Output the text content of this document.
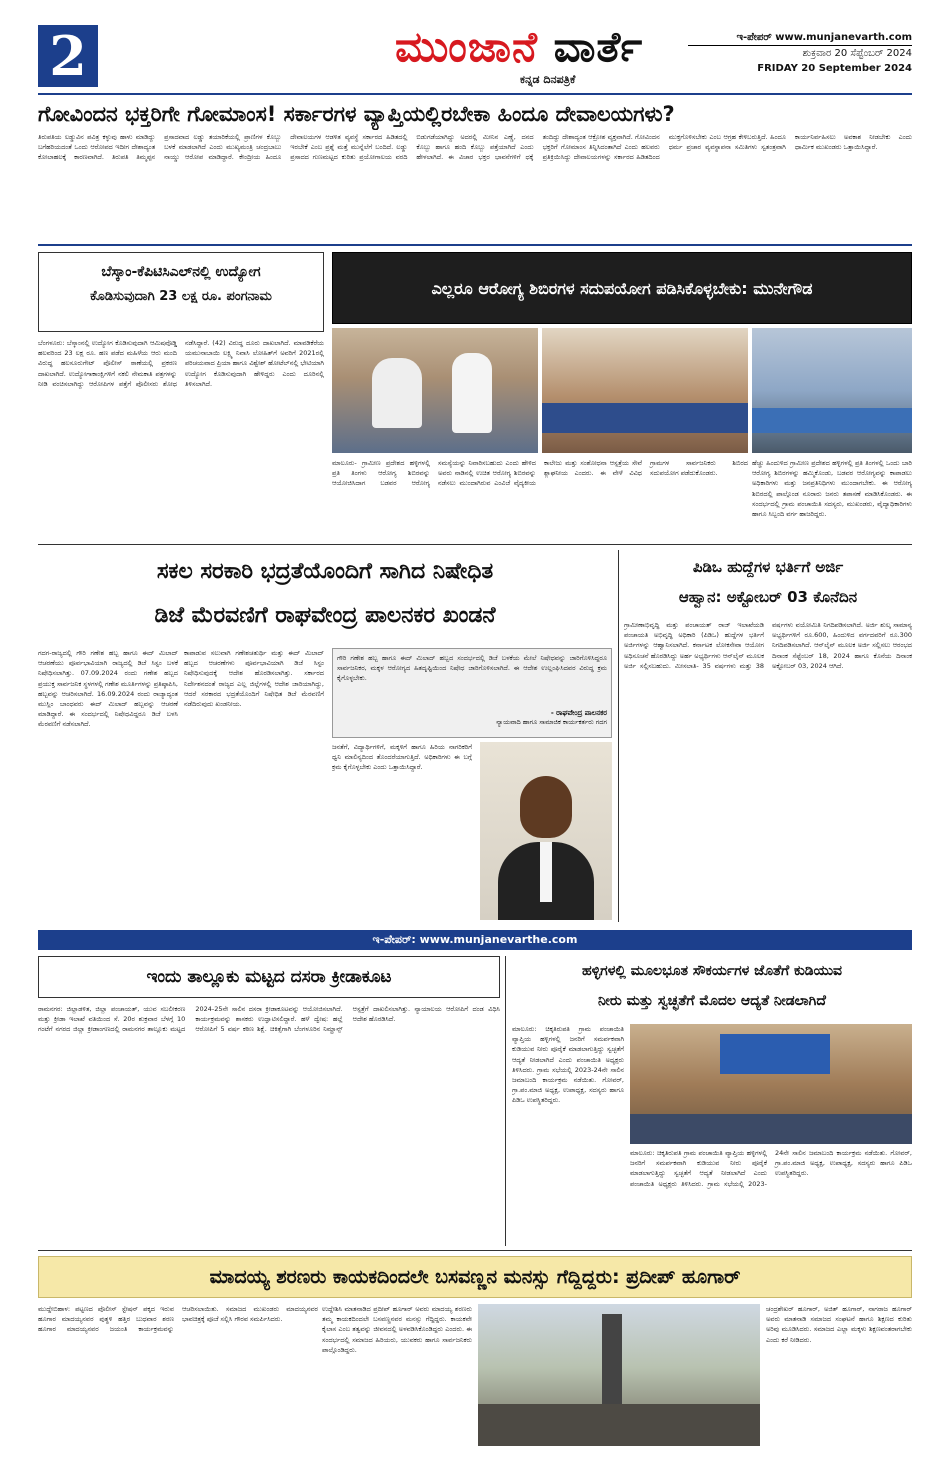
2	ಮುಂಜಾನೆ ವಾರ್ತೆ
ಕನ್ನಡ ದಿನಪತ್ರಿಕೆ
ಇ-ಪೇಪರ್ www.munjanevarth.com
ಶುಕ್ರವಾರ 20 ಸೆಪ್ಟೆಂಬರ್ 2024
FRIDAY 20 September 2024
ಗೋವಿಂದನ ಭಕ್ತರಿಗೇ ಗೋಮಾಂಸ! ಸರ್ಕಾರಗಳ ವ್ಯಾಪ್ತಿಯಲ್ಲಿರಬೇಕಾ ಹಿಂದೂ ದೇವಾಲಯಗಳು?
ತಿರುಪತಿಯ ಲಡ್ಡುವಿನ ಪವಿತ್ರ ಕಳ್ಳುವು ಹಾಳು ಮಾಡಿದ್ದು ಬಗೆಹರಿಯದಂತೆ ಒಂದು ಆರೋಪದ ಇದೀಗ ದೇಶಾದ್ಯಂತ ಕೋಲಾಹಲಕ್ಕೆ ಕಾರಣವಾಗಿದೆ. ತಿರುಪತಿ ತಿಮ್ಮಪ್ಪನ ಪ್ರಸಾದವಾದ ಲಡ್ಡು ತಯಾರಿಕೆಯಲ್ಲಿ ಪ್ರಾಣಿಗಳ ಕೊಬ್ಬು ಬಳಕೆ ಮಾಡಲಾಗಿದೆ ಎಂದು ಮುಖ್ಯಮಂತ್ರಿ ಚಂದ್ರಬಾಬು ನಾಯ್ಡು ಆರೋಪ ಮಾಡಿದ್ದಾರೆ. ಕೇಂದ್ರೀಯ ಹಿಂದೂ ದೇವಾಲಯಗಳ ಆಡಳಿತ ವ್ಯವಸ್ಥೆ ಸರ್ಕಾರದ ಹಿಡಿತದಲ್ಲಿ ಇರಬೇಕೆ ಎಂಬ ಪ್ರಶ್ನೆ ಮತ್ತೆ ಮುನ್ನೆಲೆಗೆ ಬಂದಿದೆ. ಲಡ್ಡು ಪ್ರಸಾದದ ಗುಣಮಟ್ಟದ ಕುರಿತು ಪ್ರಯೋಗಾಲಯ ವರದಿ ಬಿಡುಗಡೆಯಾಗಿದ್ದು ಅದರಲ್ಲಿ ಮೀನಿನ ಎಣ್ಣೆ, ದನದ ಕೊಬ್ಬು ಹಾಗೂ ಹಂದಿ ಕೊಬ್ಬು ಪತ್ತೆಯಾಗಿದೆ ಎಂದು ಹೇಳಲಾಗಿದೆ. ಈ ವಿಚಾರ ಭಕ್ತರ ಭಾವನೆಗಳಿಗೆ ಧಕ್ಕೆ ತಂದಿದ್ದು ದೇಶಾದ್ಯಂತ ಆಕ್ರೋಶ ವ್ಯಕ್ತವಾಗಿದೆ. ಗೋವಿಂದನ ಭಕ್ತರಿಗೆ ಗೋಮಾಂಸ ತಿನ್ನಿಸಿದಂತಾಗಿದೆ ಎಂದು ಹಲವರು ಪ್ರತಿಕ್ರಿಯಿಸಿದ್ದು ದೇವಾಲಯಗಳನ್ನು ಸರ್ಕಾರದ ಹಿಡಿತದಿಂದ ಮುಕ್ತಗೊಳಿಸಬೇಕು ಎಂಬ ಆಗ್ರಹ ಕೇಳಿಬರುತ್ತಿದೆ. ಹಿಂದೂ ಧರ್ಮ ಪ್ರಚಾರ ವ್ಯವಸ್ಥಾಪನಾ ಸಮಿತಿಗಳು ಸ್ವತಂತ್ರವಾಗಿ ಕಾರ್ಯನಿರ್ವಹಿಸಲು ಅವಕಾಶ ನೀಡಬೇಕು ಎಂದು ಧಾರ್ಮಿಕ ಮುಖಂಡರು ಒತ್ತಾಯಿಸಿದ್ದಾರೆ.
ಬೆಸ್ಕಾಂ-ಕೆಪಿಟಿಸಿಎಲ್‌ನಲ್ಲಿ ಉದ್ಯೋಗ
ಕೊಡಿಸುವುದಾಗಿ 23 ಲಕ್ಷ ರೂ. ಪಂಗನಾಮ
ಬೆಂಗಳೂರು: ಬೆಸ್ಕಾಂನಲ್ಲಿ ಉದ್ಯೋಗ ಕೊಡಿಸುವುದಾಗಿ ಆಮಿಷವೊಡ್ಡಿ ಹಲವರಿಂದ 23 ಲಕ್ಷ ರೂ. ಹಣ ಪಡೆದ ಮಹಿಳೆಯ ಆರು ಮಂದಿ ವಿರುದ್ಧ ಹಲಸೂರುಗೇಟ್ ಪೊಲೀಸ್ ಠಾಣೆಯಲ್ಲಿ ಪ್ರಕರಣ ದಾಖಲಾಗಿದೆ. ಉದ್ಯೋಗಾಕಾಂಕ್ಷಿಗಳಿಗೆ ನಕಲಿ ನೇಮಕಾತಿ ಪತ್ರಗಳನ್ನು ನೀಡಿ ವಂಚಿಸಲಾಗಿದ್ದು ಆರೋಪಿಗಳ ಪತ್ತೆಗೆ ಪೊಲೀಸರು ಶೋಧ ನಡೆಸಿದ್ದಾರೆ. (42) ವಿರುದ್ಧ ದೂರು ದಾಖಲಾಗಿದೆ. ಮಾವಡಿಕೆರೆಯ ಯಮುನಾಬಾಯಿ ಲಕ್ಷ್ಮಿ ನಿವಾಸಿ ಲೋಹಿತ್‌ಗೆ ಅವರಿಗೆ 2021ರಲ್ಲಿ ಪರಿಚಯವಾದ ಪ್ರಿಯಾ ಹಾಗೂ ವಿಶ್ವೇಶ್ ಹೋಟೆಲ್‌ನಲ್ಲಿ ಭೇಟಿಯಾಗಿ ಉದ್ಯೋಗ ಕೊಡಿಸುವುದಾಗಿ ಹೇಳಿದ್ದರು ಎಂದು ದೂರಿನಲ್ಲಿ ತಿಳಿಸಲಾಗಿದೆ.
ಎಲ್ಲರೂ ಆರೋಗ್ಯ ಶಿಬಿರಗಳ ಸದುಪಯೋಗ ಪಡಿಸಿಕೊಳ್ಳಬೇಕು: ಮುನೇಗೌಡ
ಮಾಲೂರು- ಗ್ರಾಮೀಣ ಪ್ರದೇಶದ ಹಳ್ಳಿಗಳಲ್ಲಿ ಪ್ರತಿ ತಿಂಗಳು ಆರೋಗ್ಯ ಶಿಬಿರವನ್ನು ಆಯೋಜಿಸಿದಾಗ ಬಡವರ ಆರೋಗ್ಯ ಸಮಸ್ಯೆಯನ್ನು ನಿವಾರಿಸಬಹುದು ಎಂದು ಹೇಳಿದ ಅವರು ನಾಡಿನಲ್ಲಿ ಉಚಿತ ಆರೋಗ್ಯ ಶಿಬಿರವನ್ನು ನಡೆಸಲು ಮುಂದಾಗಿರುವ ಎಂವಿಜೆ ವೈದ್ಯಕೀಯ ಕಾಲೇಜು ಮತ್ತು ಸಂಶೋಧನಾ ಆಸ್ಪತ್ರೆಯ ಸೇವೆ ಶ್ಲಾಘನೀಯ ಎಂದರು. ಈ ವೇಳೆ ವಿವಿಧ ಗ್ರಾಮಗಳ ಸಾರ್ವಜನಿಕರು ಶಿಬಿರದ ಸದುಪಯೋಗ ಪಡೆದುಕೊಂಡರು.
ಹೆಚ್ಚು ಹಿಂದುಳಿದ ಗ್ರಾಮೀಣ ಪ್ರದೇಶದ ಹಳ್ಳಿಗಳಲ್ಲಿ ಪ್ರತಿ ತಿಂಗಳಲ್ಲಿ ಒಂದು ಬಾರಿ ಆರೋಗ್ಯ ಶಿಬಿರಗಳನ್ನು ಹಮ್ಮಿಕೊಂಡು, ಬಡವರ ಆರೋಗ್ಯವನ್ನು ಕಾಪಾಡಲು ಅಧಿಕಾರಿಗಳು ಮತ್ತು ಜನಪ್ರತಿನಿಧಿಗಳು ಮುಂದಾಗಬೇಕು. ಈ ಆರೋಗ್ಯ ಶಿಬಿರದಲ್ಲಿ ಪಾಲ್ಗೊಂಡ ನೂರಾರು ಜನರು ತಪಾಸಣೆ ಮಾಡಿಸಿಕೊಂಡರು. ಈ ಸಂದರ್ಭದಲ್ಲಿ ಗ್ರಾಮ ಪಂಚಾಯಿತಿ ಸದಸ್ಯರು, ಮುಖಂಡರು, ವೈದ್ಯಾಧಿಕಾರಿಗಳು ಹಾಗೂ ಸಿಬ್ಬಂದಿ ವರ್ಗ ಹಾಜರಿದ್ದರು.
ಸಕಲ ಸರಕಾರಿ ಭದ್ರತೆಯೊಂದಿಗೆ ಸಾಗಿದ ನಿಷೇಧಿತ
ಡಿಜೆ ಮೆರವಣಿಗೆ ರಾಘವೇಂದ್ರ ಪಾಲನಕರ ಖಂಡನೆ
ಗದಗ-ರಾಜ್ಯದಲ್ಲಿ ಗೌರಿ ಗಣೇಶ ಹಬ್ಬ ಹಾಗೂ ಈದ್ ಮಿಲಾದ್ ಆಚರಣೆಯು ಪೂರ್ವಭಾವಿಯಾಗಿ ರಾಜ್ಯದಲ್ಲಿ ಡಿಜೆ ಸಿಸ್ಟಂ ಬಳಕೆ ನಿಷೇಧಿಸಲಾಗಿತ್ತು. 07.09.2024 ರಂದು ಗಣೇಶ ಹಬ್ಬದ ಪ್ರಯುಕ್ತ ಸಾರ್ವಜನಿಕ ಸ್ಥಳಗಳಲ್ಲಿ ಗಣೇಶ ಮೂರ್ತಿಗಳನ್ನು ಪ್ರತಿಷ್ಠಾಪಿಸಿ, ಹಬ್ಬವನ್ನು ಆಚರಿಸಲಾಗಿದೆ. 16.09.2024 ರಂದು ರಾಜ್ಯಾದ್ಯಂತ ಮುಸ್ಲಿಂ ಬಾಂಧವರು ಈದ್ ಮಿಲಾದ್ ಹಬ್ಬವನ್ನು ಆಚರಣೆ ಮಾಡಿದ್ದಾರೆ. ಈ ಸಂದರ್ಭದಲ್ಲಿ ನಿಷೇಧವಿದ್ದರೂ ಡಿಜೆ ಬಳಸಿ ಮೆರವಣಿಗೆ ನಡೆಸಲಾಗಿದೆ.
ಕಾಪಾಡುವ ಸಲುವಾಗಿ ಗಣೇಶಚತುರ್ಥಿ ಮತ್ತು ಈದ್ ಮಿಲಾದ್ ಹಬ್ಬದ ಆಚರಣೆಗಳು ಪೂರ್ವಭಾವಿಯಾಗಿ ಡಿಜೆ ಸಿಸ್ಟಂ ನಿಷೇಧಿಸುವುದಕ್ಕೆ ಆದೇಶ ಹೊರಡಿಸಲಾಗಿತ್ತು. ಸರ್ಕಾರದ ನಿರ್ದೇಶನದಂತೆ ರಾಜ್ಯದ ಎಲ್ಲ ಜಿಲ್ಲೆಗಳಲ್ಲಿ ಆದೇಶ ಜಾರಿಯಾಗಿದ್ದು, ಆದರೆ ಸರಕಾರದ ಭದ್ರತೆಯೊಂದಿಗೆ ನಿಷೇಧಿತ ಡಿಜೆ ಮೆರವಣಿಗೆ ನಡೆದಿರುವುದು ಖಂಡನೀಯ.
ಗೌರಿ ಗಣೇಶ ಹಬ್ಬ ಹಾಗೂ ಈದ್ ಮಿಲಾದ್ ಹಬ್ಬದ ಸಂದರ್ಭದಲ್ಲಿ ಡಿಜೆ ಬಳಕೆಯ ಮೇಲೆ ನಿಷೇಧವನ್ನು ಜಾರಿಗೊಳಿಸಿದ್ದರೂ ಸಾರ್ವಜನಿಕರ, ಮಕ್ಕಳ ಆರೋಗ್ಯದ ಹಿತದೃಷ್ಟಿಯಿಂದ ನಿಷೇಧ ಜಾರಿಗೊಳಿಸಲಾಗಿದೆ. ಈ ಆದೇಶ ಉಲ್ಲಂಘಿಸಿದವರ ವಿರುದ್ಧ ಕ್ರಮ ಕೈಗೊಳ್ಳಬೇಕು.
- ರಾಘವೇಂದ್ರ ಪಾಲನಕರ
ನ್ಯಾಯವಾದಿ ಹಾಗೂ ಸಾಮಾಜಿಕ ಕಾರ್ಯಕರ್ತರು ಗದಗ
ಜನತೆಗೆ, ವಿದ್ಯಾರ್ಥಿಗಳಿಗೆ, ಮಕ್ಕಳಿಗೆ ಹಾಗೂ ಹಿರಿಯ ನಾಗರಿಕರಿಗೆ ಧ್ವನಿ ಮಾಲಿನ್ಯದಿಂದ ತೊಂದರೆಯಾಗುತ್ತಿದೆ. ಅಧಿಕಾರಿಗಳು ಈ ಬಗ್ಗೆ ಕ್ರಮ ಕೈಗೊಳ್ಳಬೇಕು ಎಂದು ಒತ್ತಾಯಿಸಿದ್ದಾರೆ.
ಪಿಡಿಒ ಹುದ್ದೆಗಳ ಭರ್ತಿಗೆ ಅರ್ಜಿ
ಆಹ್ವಾನ: ಅಕ್ಟೋಬರ್ 03 ಕೊನೆದಿನ
ಗ್ರಾಮೀಣಾಭಿವೃದ್ಧಿ ಮತ್ತು ಪಂಚಾಯತ್ ರಾಜ್ ಇಲಾಖೆಯಡಿ ಪಂಚಾಯತಿ ಅಭಿವೃದ್ಧಿ ಅಧಿಕಾರಿ (ಪಿಡಿಒ) ಹುದ್ದೆಗಳ ಭರ್ತಿಗೆ ಅರ್ಜಿಗಳನ್ನು ಆಹ್ವಾನಿಸಲಾಗಿದೆ. ಕರ್ನಾಟಕ ಲೋಕಸೇವಾ ಆಯೋಗ ಅಧಿಸೂಚನೆ ಹೊರಡಿಸಿದ್ದು ಅರ್ಹ ಅಭ್ಯರ್ಥಿಗಳು ಆನ್‌ಲೈನ್ ಮೂಲಕ ಅರ್ಜಿ ಸಲ್ಲಿಸಬಹುದು. ಮೀಸಲಾತಿ- 35 ವರ್ಷಗಳು ಮತ್ತು 38 ವರ್ಷಗಳು ವಯೋಮಿತಿ ನಿಗದಿಪಡಿಸಲಾಗಿದೆ. ಅರ್ಜಿ ಶುಲ್ಕ ಸಾಮಾನ್ಯ ಅಭ್ಯರ್ಥಿಗಳಿಗೆ ರೂ.600, ಹಿಂದುಳಿದ ವರ್ಗದವರಿಗೆ ರೂ.300 ನಿಗದಿಪಡಿಸಲಾಗಿದೆ. ಆನ್‌ಲೈನ್ ಮೂಲಕ ಅರ್ಜಿ ಸಲ್ಲಿಸಲು ಆರಂಭದ ದಿನಾಂಕ ಸೆಪ್ಟೆಂಬರ್ 18, 2024 ಹಾಗೂ ಕೊನೆಯ ದಿನಾಂಕ ಅಕ್ಟೋಬರ್ 03, 2024 ಆಗಿದೆ.
ಇ-ಪೇಪರ್: www.munjanevarthe.com
ಇಂದು ತಾಲ್ಲೂಕು ಮಟ್ಟದ ದಸರಾ ಕ್ರೀಡಾಕೂಟ
ರಾಮನಗರ: ಜಿಲ್ಲಾಡಳಿತ, ಜಿಲ್ಲಾ ಪಂಚಾಯತ್, ಯುವ ಸಬಲೀಕರಣ ಮತ್ತು ಕ್ರೀಡಾ ಇಲಾಖೆ ವತಿಯಿಂದ ಸೆ. 20ರ ಶುಕ್ರವಾರ ಬೆಳಗ್ಗೆ 10 ಗಂಟೆಗೆ ನಗರದ ಜಿಲ್ಲಾ ಕ್ರೀಡಾಂಗಣದಲ್ಲಿ ರಾಮನಗರ ತಾಲ್ಲೂಕು ಮಟ್ಟದ 2024-25ನೇ ಸಾಲಿನ ದಸರಾ ಕ್ರೀಡಾಕೂಟವನ್ನು ಆಯೋಜಿಸಲಾಗಿದೆ. ಕಾರ್ಯಕ್ರಮವನ್ನು ಶಾಸಕರು ಉದ್ಘಾಟಿಸಲಿದ್ದಾರೆ. ಹಳೆ ದ್ವೇಷ: ಹಲ್ಲೆ ಆರೋಪಿಗೆ 5 ವರ್ಷ ಕಠಿಣ ಶಿಕ್ಷೆ. ಚಿಕಿತ್ಸೆಗಾಗಿ ಬೆಂಗಳೂರಿನ ನಿಮ್ಹಾನ್ಸ್ ಆಸ್ಪತ್ರೆಗೆ ದಾಖಲಿಸಲಾಗಿತ್ತು. ನ್ಯಾಯಾಲಯ ಆರೋಪಿಗೆ ದಂಡ ವಿಧಿಸಿ ಆದೇಶ ಹೊರಡಿಸಿದೆ.
ಹಳ್ಳಿಗಳಲ್ಲಿ ಮೂಲಭೂತ ಸೌಕರ್ಯಗಳ ಜೊತೆಗೆ ಕುಡಿಯುವ
ನೀರು ಮತ್ತು ಸ್ವಚ್ಛತೆಗೆ ಮೊದಲ ಆದ್ಯತೆ ನೀಡಲಾಗಿದೆ
ಮಾಲೂರು: ಚಿಕ್ಕತಿರುಪತಿ ಗ್ರಾಮ ಪಂಚಾಯಿತಿ ವ್ಯಾಪ್ತಿಯ ಹಳ್ಳಿಗಳಲ್ಲಿ ಜನರಿಗೆ ಸಮರ್ಪಕವಾಗಿ ಕುಡಿಯುವ ನೀರು ಪೂರೈಕೆ ಮಾಡಲಾಗುತ್ತಿದ್ದು ಸ್ವಚ್ಛತೆಗೆ ಆದ್ಯತೆ ನೀಡಲಾಗಿದೆ ಎಂದು ಪಂಚಾಯಿತಿ ಅಧ್ಯಕ್ಷರು ತಿಳಿಸಿದರು. ಗ್ರಾಮ ಸಭೆಯಲ್ಲಿ 2023-24ನೇ ಸಾಲಿನ ಜಮಾಬಂದಿ ಕಾರ್ಯಕ್ರಮ ನಡೆಯಿತು. ಗೋವರ್, ಗ್ರಾ.ಪಂ.ಮಾಜಿ ಅಧ್ಯಕ್ಷ, ಉಪಾಧ್ಯಕ್ಷ, ಸದಸ್ಯರು ಹಾಗೂ ಪಿಡಿಒ ಉಪಸ್ಥಿತರಿದ್ದರು.
ಮಾಲೂರು: ಚಿಕ್ಕತಿರುಪತಿ ಗ್ರಾಮ ಪಂಚಾಯಿತಿ ವ್ಯಾಪ್ತಿಯ ಹಳ್ಳಿಗಳಲ್ಲಿ ಜನರಿಗೆ ಸಮರ್ಪಕವಾಗಿ ಕುಡಿಯುವ ನೀರು ಪೂರೈಕೆ ಮಾಡಲಾಗುತ್ತಿದ್ದು ಸ್ವಚ್ಛತೆಗೆ ಆದ್ಯತೆ ನೀಡಲಾಗಿದೆ ಎಂದು ಪಂಚಾಯಿತಿ ಅಧ್ಯಕ್ಷರು ತಿಳಿಸಿದರು. ಗ್ರಾಮ ಸಭೆಯಲ್ಲಿ 2023-24ನೇ ಸಾಲಿನ ಜಮಾಬಂದಿ ಕಾರ್ಯಕ್ರಮ ನಡೆಯಿತು. ಗೋವರ್, ಗ್ರಾ.ಪಂ.ಮಾಜಿ ಅಧ್ಯಕ್ಷ, ಉಪಾಧ್ಯಕ್ಷ, ಸದಸ್ಯರು ಹಾಗೂ ಪಿಡಿಒ ಉಪಸ್ಥಿತರಿದ್ದರು.
ಮಾದಯ್ಯ ಶರಣರು ಕಾಯಕದಿಂದಲೇ ಬಸವಣ್ಣನ ಮನಸ್ಸು ಗೆದ್ದಿದ್ದರು: ಪ್ರದೀಪ್ ಹೂಗಾರ್
ಮುದ್ದೇಬಿಹಾಳ: ಪಟ್ಟಣದ ಪೊಲೀಸ್ ಸ್ಟೇಷನ್ ಪಕ್ಕದ ಇರುವ ಹೂಗಾರ ಮಾದಯ್ಯನವರ ಪುತ್ಥಳಿ ಹತ್ತಿರ ಬುಧವಾರ ಶರಣ ಹೂಗಾರ ಮಾದಯ್ಯನವರ ಜಯಂತಿ ಕಾರ್ಯಕ್ರಮವನ್ನು ಆಚರಿಸಲಾಯಿತು. ಸಮಾಜದ ಮುಖಂಡರು ಮಾದಯ್ಯನವರ ಭಾವಚಿತ್ರಕ್ಕೆ ಪೂಜೆ ಸಲ್ಲಿಸಿ ಗೌರವ ಸಮರ್ಪಿಸಿದರು.
ಉದ್ದೇಶಿಸಿ ಮಾತನಾಡಿದ ಪ್ರದೀಪ್ ಹೂಗಾರ್ ಅವರು ಮಾದಯ್ಯ ಶರಣರು ತಮ್ಮ ಕಾಯಕದಿಂದಲೇ ಬಸವಣ್ಣನವರ ಮನಸ್ಸು ಗೆದ್ದಿದ್ದರು. ಕಾಯಕವೇ ಕೈಲಾಸ ಎಂಬ ತತ್ವವನ್ನು ಜೀವನದಲ್ಲಿ ಅಳವಡಿಸಿಕೊಂಡಿದ್ದರು ಎಂದರು. ಈ ಸಂದರ್ಭದಲ್ಲಿ ಸಮಾಜದ ಹಿರಿಯರು, ಯುವಕರು ಹಾಗೂ ಸಾರ್ವಜನಿಕರು ಪಾಲ್ಗೊಂಡಿದ್ದರು.
ಚಂದ್ರಶೇಖರ್ ಹೂಗಾರ್, ಅಜಿತ್ ಹೂಗಾರ್, ನಾಗರಾಜ ಹೂಗಾರ್ ಅವರು ಮಾತನಾಡಿ ಸಮಾಜದ ಸಂಘಟನೆ ಹಾಗೂ ಶಿಕ್ಷಣದ ಕುರಿತು ಅರಿವು ಮೂಡಿಸಿದರು. ಸಮಾಜದ ಎಲ್ಲಾ ಮಕ್ಕಳು ಶಿಕ್ಷಣವಂತರಾಗಬೇಕು ಎಂದು ಕರೆ ನೀಡಿದರು.
